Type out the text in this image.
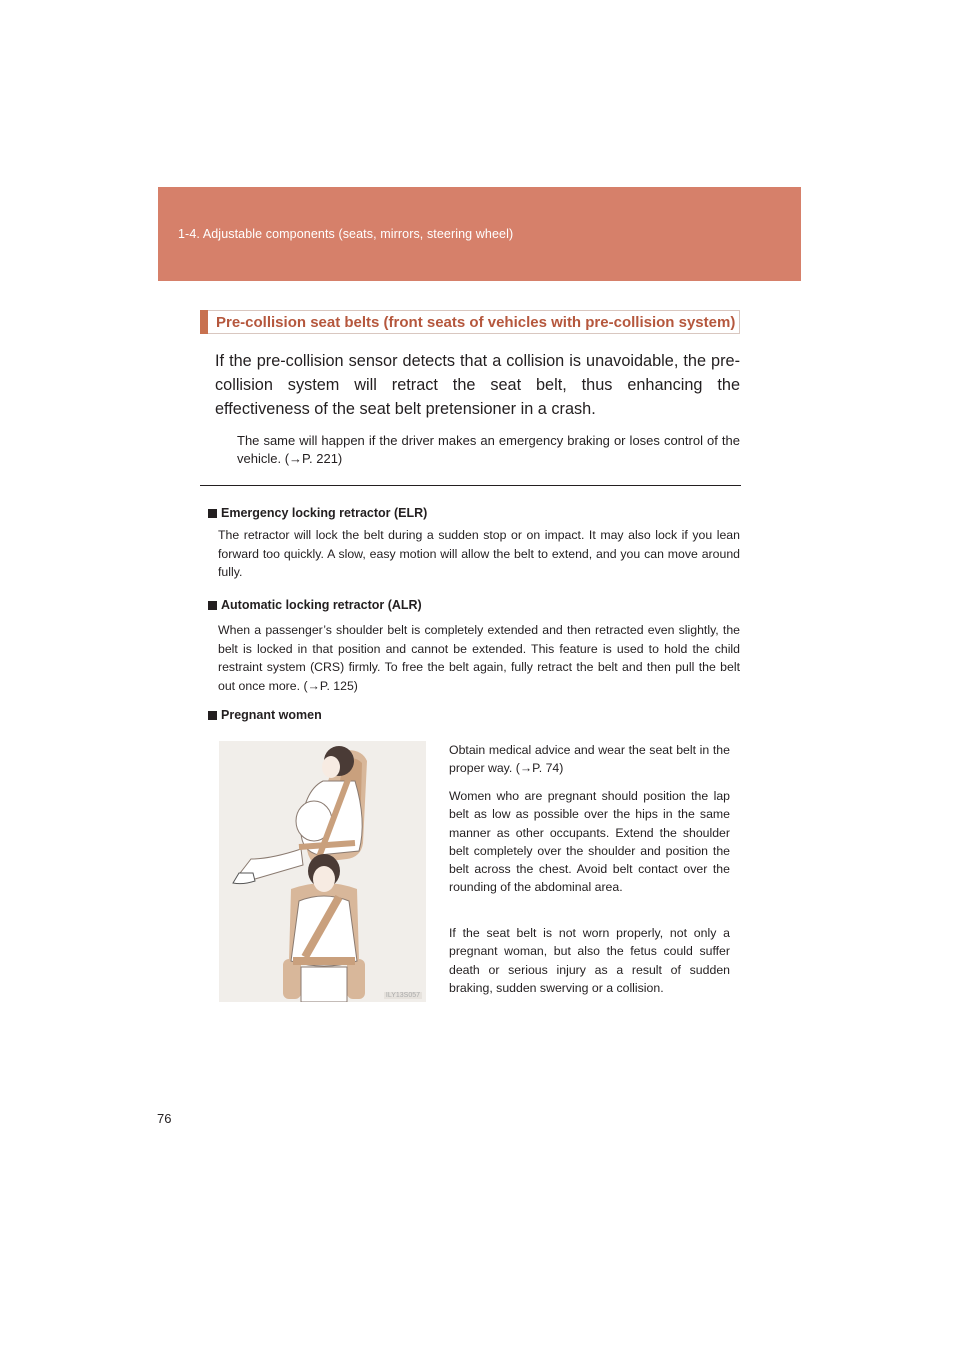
1-4. Adjustable components (seats, mirrors, steering wheel)
Pre-collision seat belts (front seats of vehicles with pre-collision system)
If the pre-collision sensor detects that a collision is unavoidable, the pre-collision system will retract the seat belt, thus enhancing the effectiveness of the seat belt pretensioner in a crash.
The same will happen if the driver makes an emergency braking or loses control of the vehicle. (→P. 221)
Emergency locking retractor (ELR)
The retractor will lock the belt during a sudden stop or on impact. It may also lock if you lean forward too quickly. A slow, easy motion will allow the belt to extend, and you can move around fully.
Automatic locking retractor (ALR)
When a passenger’s shoulder belt is completely extended and then retracted even slightly, the belt is locked in that position and cannot be extended. This feature is used to hold the child restraint system (CRS) firmly. To free the belt again, fully retract the belt and then pull the belt out once more. (→P. 125)
Pregnant women
ILY13S057
Obtain medical advice and wear the seat belt in the proper way. (→P. 74)
Women who are pregnant should position the lap belt as low as possible over the hips in the same manner as other occupants. Extend the shoulder belt completely over the shoulder and position the belt across the chest. Avoid belt contact over the rounding of the abdominal area.
If the seat belt is not worn properly, not only a pregnant woman, but also the fetus could suffer death or serious injury as a result of sudden braking, sudden swerving or a collision.
76
